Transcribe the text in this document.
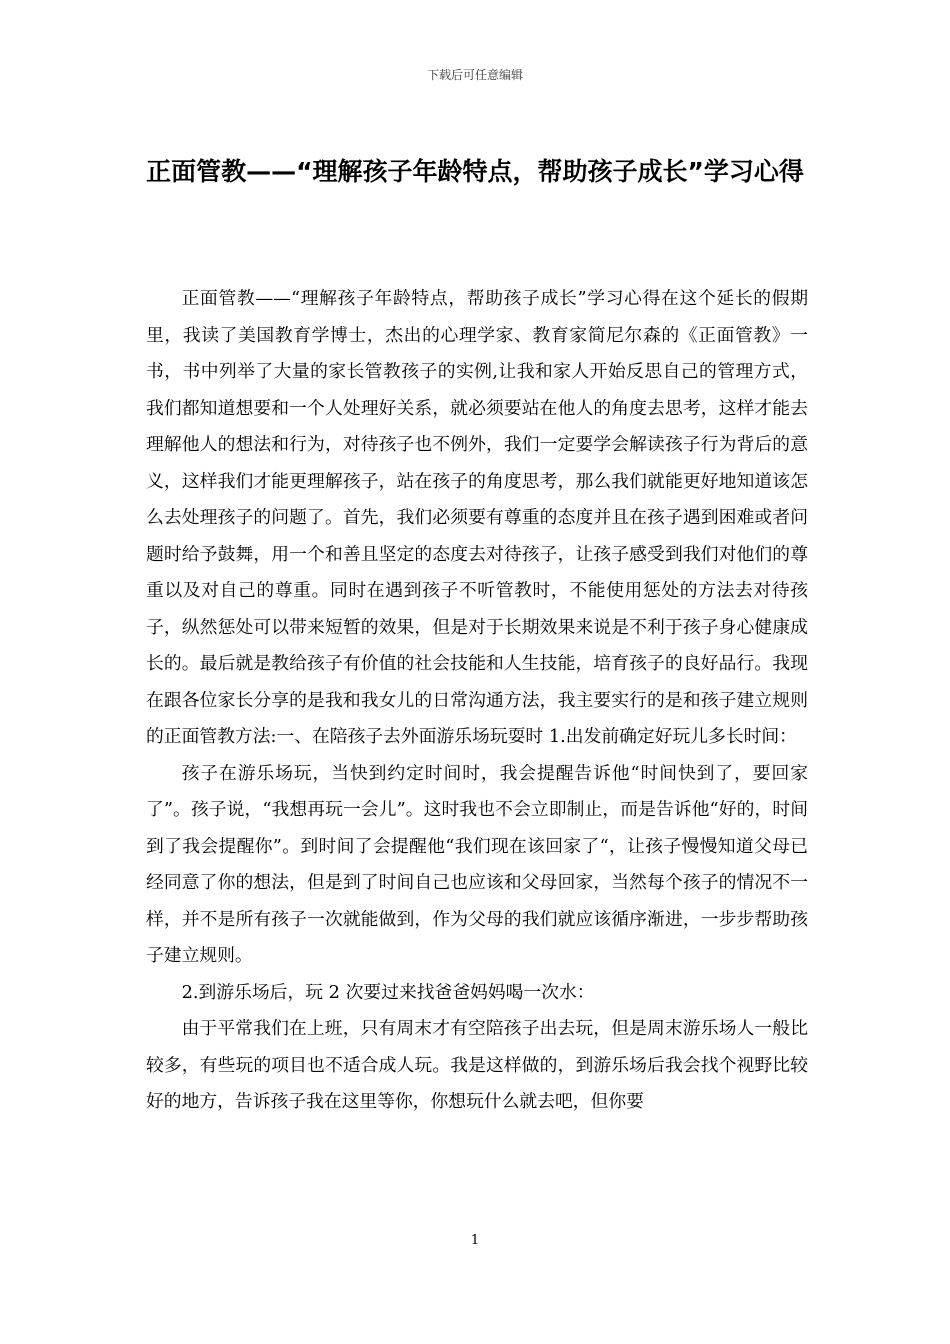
下载后可任意编辑
正面管教——“理解孩子年龄特点，帮助孩子成长”学习心得

正面管教——“理解孩子年龄特点，帮助孩子成长”学习心得在这个延长的假期里，我读了美国教育学博士，杰出的心理学家、教育家简尼尔森的《正面管教》一书，书中列举了大量的家长管教孩子的实例,让我和家人开始反思自己的管理方式，我们都知道想要和一个人处理好关系，就必须要站在他人的角度去思考，这样才能去理解他人的想法和行为，对待孩子也不例外，我们一定要学会解读孩子行为背后的意义，这样我们才能更理解孩子，站在孩子的角度思考，那么我们就能更好地知道该怎么去处理孩子的问题了。首先，我们必须要有尊重的态度并且在孩子遇到困难或者问题时给予鼓舞，用一个和善且坚定的态度去对待孩子，让孩子感受到我们对他们的尊重以及对自己的尊重。同时在遇到孩子不听管教时，不能使用惩处的方法去对待孩子，纵然惩处可以带来短暂的效果，但是对于长期效果来说是不利于孩子身心健康成长的。最后就是教给孩子有价值的社会技能和人生技能，培育孩子的良好品行。我现在跟各位家长分享的是我和我女儿的日常沟通方法，我主要实行的是和孩子建立规则的正面管教方法:一、在陪孩子去外面游乐场玩耍时 1.出发前确定好玩儿多长时间：

孩子在游乐场玩，当快到约定时间时，我会提醒告诉他“时间快到了，要回家了”。孩子说，“我想再玩一会儿”。这时我也不会立即制止，而是告诉他“好的，时间到了我会提醒你”。到时间了会提醒他“我们现在该回家了“，让孩子慢慢知道父母已经同意了你的想法，但是到了时间自己也应该和父母回家，当然每个孩子的情况不一样，并不是所有孩子一次就能做到，作为父母的我们就应该循序渐进，一步步帮助孩子建立规则。

2.到游乐场后，玩 2 次要过来找爸爸妈妈喝一次水：

由于平常我们在上班，只有周末才有空陪孩子出去玩，但是周末游乐场人一般比较多，有些玩的项目也不适合成人玩。我是这样做的，到游乐场后我会找个视野比较好的地方，告诉孩子我在这里等你，你想玩什么就去吧，但你要

1
